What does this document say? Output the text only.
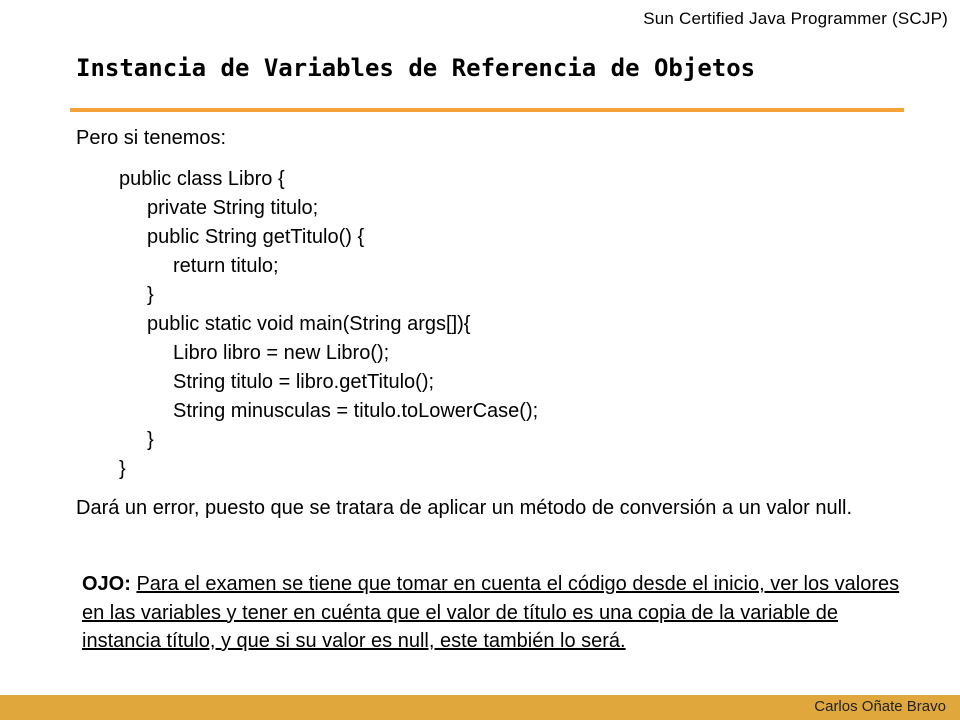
Sun Certified Java Programmer (SCJP)
Instancia de Variables de Referencia de Objetos
Pero si tenemos:
public class Libro {
private String titulo;
public String getTitulo() {
return titulo;
}
public static void main(String args[]){
Libro libro = new Libro();
String titulo = libro.getTitulo();
String minusculas = titulo.toLowerCase();
}
}
Dará un error, puesto que se tratara de aplicar un método de conversión a un valor null.
OJO: Para el examen se tiene que tomar en cuenta el código desde el inicio, ver los valores en las variables y tener en cuénta que el valor de título es una copia de la variable de instancia título, y que si su valor es null, este también lo será.
Carlos Oñate Bravo
